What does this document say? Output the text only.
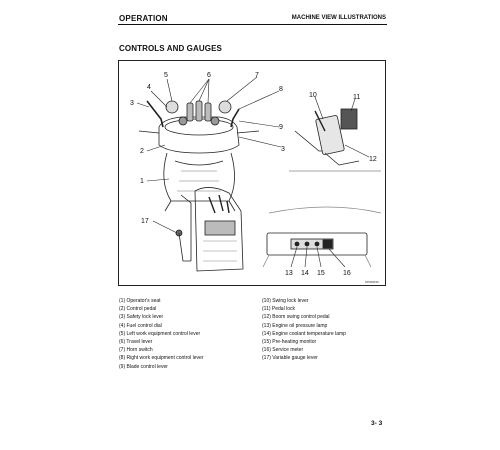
OPERATION	MACHINE VIEW ILLUSTRATIONS
CONTROLS AND GAUGES
4
5	6	7
8
3
2
9
3
1
10	11
12
17
13 14 15	16
9J5R0030
(1) Operator's seat
(2) Control pedal
(3) Safety lock lever
(4) Fuel control dial
(5) Left work equipment control lever
(6) Travel lever
(7) Horn switch
(8) Right work equipment control lever
(9) Blade control lever
(10) Swing lock lever
(11) Pedal lock
(12) Boom swing control pedal
(13) Engine oil pressure lamp
(14) Engine coolant temperature lamp
(15) Pre-heating monitor
(16) Service meter
(17) Variable gauge lever
3- 3
